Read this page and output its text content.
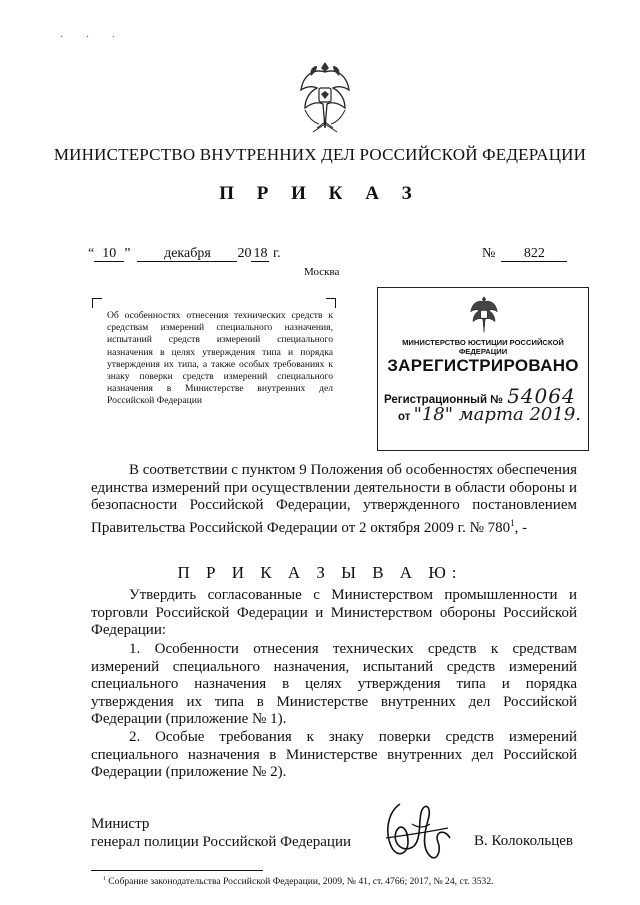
· · ·
МИНИСТЕРСТВО ВНУТРЕННИХ ДЕЛ РОССИЙСКОЙ ФЕДЕРАЦИИ
П Р И К А З
“ 10 ”  декабря 20 18 г.	№ 822
Москва
Об особенностях отнесения технических средств к средствам измерений специального назначения, испытаний средств измерений специального назначения в целях утверждения типа и порядка утверждения их типа, а также особых требованиях к знаку поверки средств измерений специального назначения в Министерстве внутренних дел Российской Федерации
МИНИСТЕРСТВО ЮСТИЦИИ РОССИЙСКОЙ ФЕДЕРАЦИИ
ЗАРЕГИСТРИРОВАНО
Регистрационный № 54064
от "18" марта 2019.
В соответствии с пунктом 9 Положения об особенностях обеспечения единства измерений при осуществлении деятельности в области обороны и безопасности Российской Федерации, утвержденного постановлением Правительства Российской Федерации от 2 октября 2009 г. № $780^1$, -
П Р И К А З Ы В А Ю:
Утвердить согласованные с Министерством промышленности и торговли Российской Федерации и Министерством обороны Российской Федерации:
1. Особенности отнесения технических средств к средствам измерений специального назначения, испытаний средств измерений специального назначения в целях утверждения типа и порядка утверждения их типа в Министерстве внутренних дел Российской Федерации (приложение № 1).
2. Особые требования к знаку поверки средств измерений специального назначения в Министерстве внутренних дел Российской Федерации (приложение № 2).
Министр
генерал полиции Российской Федерации	В. Колокольцев
$^1$ Собрание законодательства Российской Федерации, 2009, № 41, ст. 4766; 2017, № 24, ст. 3532.
